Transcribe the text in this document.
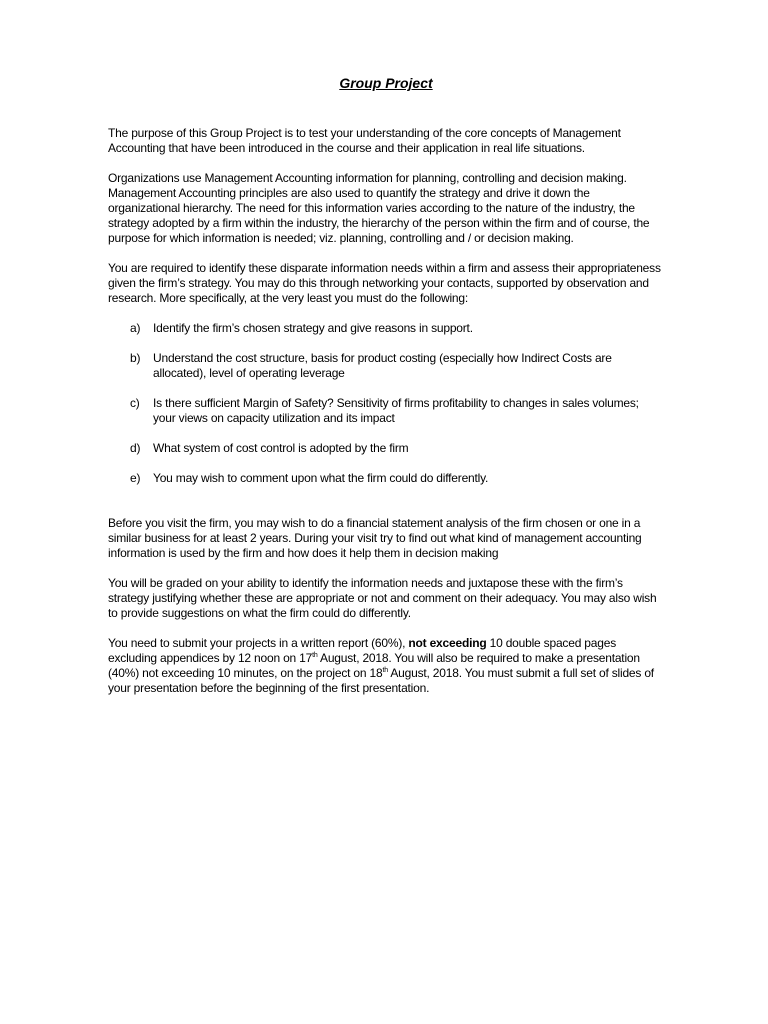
Group Project

The purpose of this Group Project is to test your understanding of the core concepts of Management Accounting that have been introduced in the course and their application in real life situations.

Organizations use Management Accounting information for planning, controlling and decision making. Management Accounting principles are also used to quantify the strategy and drive it down the organizational hierarchy. The need for this information varies according to the nature of the industry, the strategy adopted by a firm within the industry, the hierarchy of the person within the firm and of course, the purpose for which information is needed; viz. planning, controlling and / or decision making.

You are required to identify these disparate information needs within a firm and assess their appropriateness given the firm’s strategy. You may do this through networking your contacts, supported by observation and research. More specifically, at the very least you must do the following:

a) Identify the firm’s chosen strategy and give reasons in support.
b) Understand the cost structure, basis for product costing (especially how Indirect Costs are allocated), level of operating leverage
c) Is there sufficient Margin of Safety? Sensitivity of firms profitability to changes in sales volumes; your views on capacity utilization and its impact
d) What system of cost control is adopted by the firm
e) You may wish to comment upon what the firm could do differently.

Before you visit the firm, you may wish to do a financial statement analysis of the firm chosen or one in a similar business for at least 2 years. During your visit try to find out what kind of management accounting information is used by the firm and how does it help them in decision making

You will be graded on your ability to identify the information needs and juxtapose these with the firm’s strategy justifying whether these are appropriate or not and comment on their adequacy. You may also wish to provide suggestions on what the firm could do differently.

You need to submit your projects in a written report (60%), not exceeding 10 double spaced pages excluding appendices by 12 noon on 17th August, 2018. You will also be required to make a presentation (40%) not exceeding 10 minutes, on the project on 18th August, 2018. You must submit a full set of slides of your presentation before the beginning of the first presentation.
